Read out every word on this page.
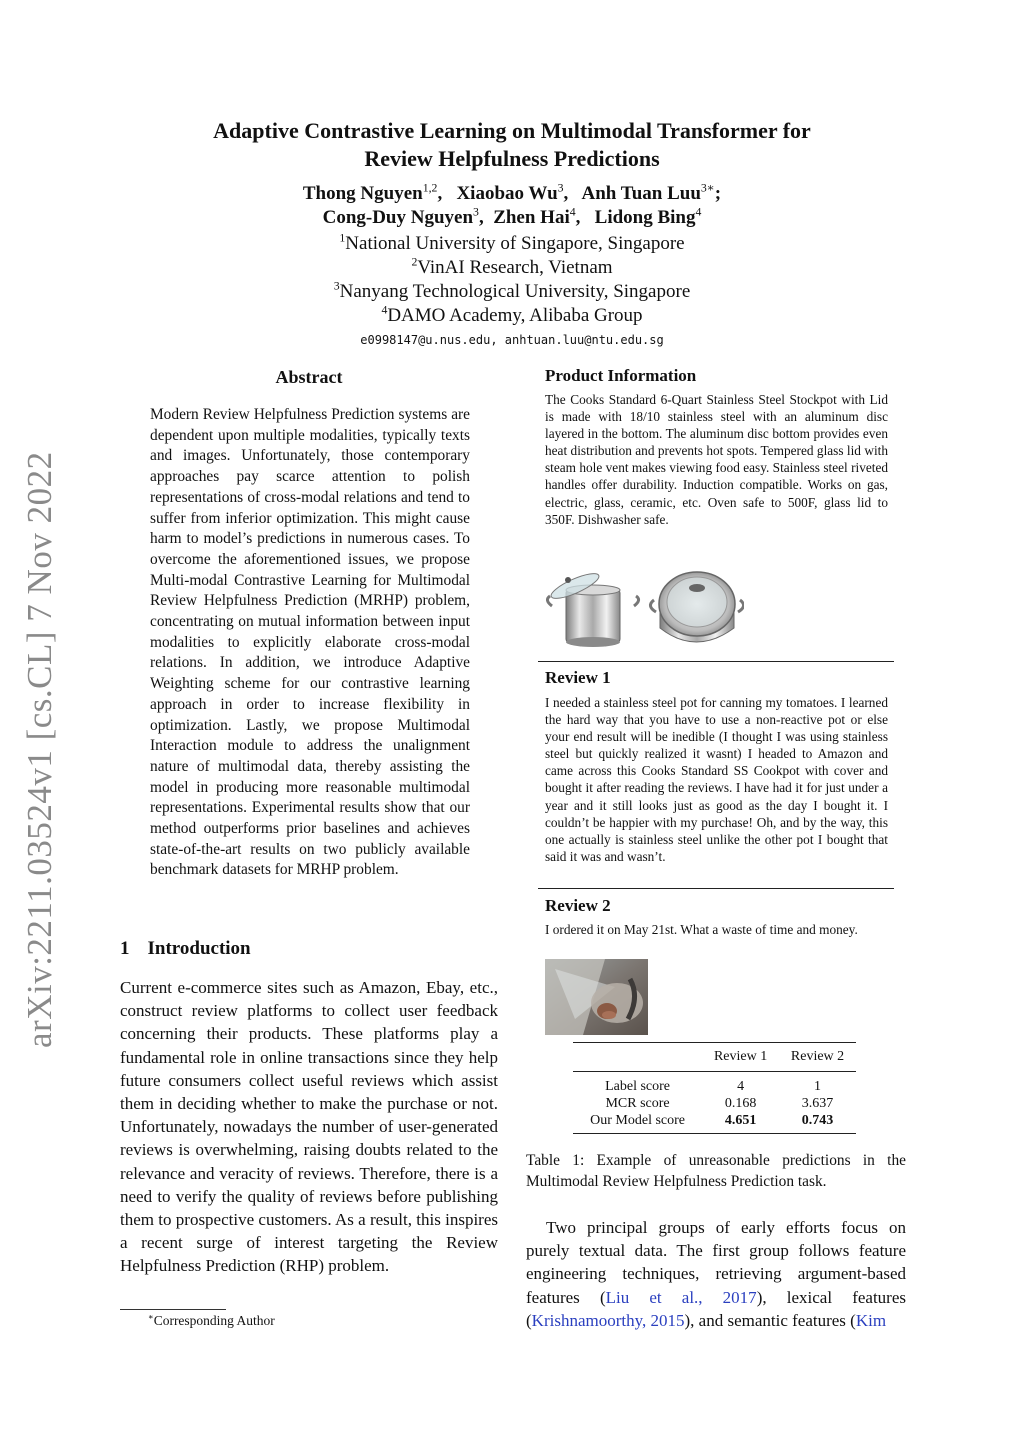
arXiv:2211.03524v1 [cs.CL] 7 Nov 2022
Adaptive Contrastive Learning on Multimodal Transformer for
Review Helpfulness Predictions
Thong Nguyen$^{1,2}$,   Xiaobao Wu$^3$,   Anh Tuan Luu$^{3∗}$;
Cong-Duy Nguyen$^3$,  Zhen Hai$^4$,   Lidong Bing$^4$
$^1$National University of Singapore, Singapore
$^2$VinAI Research, Vietnam
$^3$Nanyang Technological University, Singapore
$^4$DAMO Academy, Alibaba Group
e0998147@u.nus.edu, anhtuan.luu@ntu.edu.sg
Abstract
Modern Review Helpfulness Prediction systems are dependent upon multiple modalities, typically texts and images. Unfortunately, those contemporary approaches pay scarce attention to polish representations of cross-modal relations and tend to suffer from inferior optimization. This might cause harm to model’s predictions in numerous cases. To overcome the aforementioned issues, we propose Multi-modal Contrastive Learning for Multimodal Review Helpfulness Prediction (MRHP) problem, concentrating on mutual information between input modalities to explicitly elaborate cross-modal relations. In addition, we introduce Adaptive Weighting scheme for our contrastive learning approach in order to increase flexibility in optimization. Lastly, we propose Multimodal Interaction module to address the unalignment nature of multimodal data, thereby assisting the model in producing more reasonable multimodal representations. Experimental results show that our method outperforms prior baselines and achieves state-of-the-art results on two publicly available benchmark datasets for MRHP problem.
1 Introduction
Current e-commerce sites such as Amazon, Ebay, etc., construct review platforms to collect user feedback concerning their products. These platforms play a fundamental role in online transactions since they help future consumers collect useful reviews which assist them in deciding whether to make the purchase or not. Unfortunately, nowadays the number of user-generated reviews is overwhelming, raising doubts related to the relevance and veracity of reviews. Therefore, there is a need to verify the quality of reviews before publishing them to prospective customers. As a result, this inspires a recent surge of interest targeting the Review Helpfulness Prediction (RHP) problem.
∗Corresponding Author
Product Information
The Cooks Standard 6-Quart Stainless Steel Stockpot with Lid is made with 18/10 stainless steel with an aluminum disc layered in the bottom. The aluminum disc bottom provides even heat distribution and prevents hot spots. Tempered glass lid with steam hole vent makes viewing food easy. Stainless steel riveted handles offer durability. Induction compatible. Works on gas, electric, glass, ceramic, etc. Oven safe to 500F, glass lid to 350F. Dishwasher safe.
Review 1
I needed a stainless steel pot for canning my tomatoes. I learned the hard way that you have to use a non-reactive pot or else your end result will be inedible (I thought I was using stainless steel but quickly realized it wasnt) I headed to Amazon and came across this Cooks Standard SS Cookpot with cover and bought it after reading the reviews. I have had it for just under a year and it still looks just as good as the day I bought it. I couldn’t be happier with my purchase! Oh, and by the way, this one actually is stainless steel unlike the other pot I bought that said it was and wasn’t.
Review 2
I ordered it on May 21st. What a waste of time and money.
	Review 1	Review 2
Label score	4	1
MCR score	0.168	3.637
Our Model score	4.651	0.743
Table 1: Example of unreasonable predictions in the Multimodal Review Helpfulness Prediction task.
Two principal groups of early efforts focus on purely textual data. The first group follows feature engineering techniques, retrieving argument-based features (Liu et al., 2017), lexical features (Krishnamoorthy, 2015), and semantic features (Kim
